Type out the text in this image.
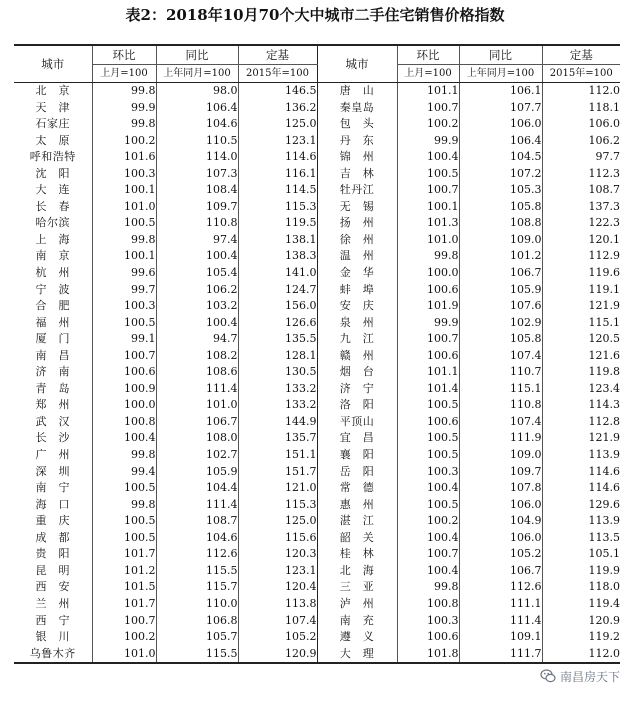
表2：2018年10月70个大中城市二手住宅销售价格指数
城市	环比	同比	定基	城市	环比	同比	定基
	上月=100	上年同月=100	2015年=100		上月=100	上年同月=100	2015年=100
北　京	99.8	98.0	146.5	唐　山	101.1	106.1	112.0
天　津	99.9	106.4	136.2	秦皇岛	100.7	107.7	118.1
石家庄	99.8	104.6	125.0	包　头	100.2	106.0	106.0
太　原	100.2	110.5	123.1	丹　东	99.9	106.4	106.2
呼和浩特	101.6	114.0	114.6	锦　州	100.4	104.5	97.7
沈　阳	100.3	107.3	116.1	吉　林	100.5	107.2	112.3
大　连	100.1	108.4	114.5	牡丹江	100.7	105.3	108.7
长　春	101.0	109.7	115.3	无　锡	100.1	105.8	137.3
哈尔滨	100.5	110.8	119.5	扬　州	101.3	108.8	122.3
上　海	99.8	97.4	138.1	徐　州	101.0	109.0	120.1
南　京	100.1	100.4	138.3	温　州	99.8	101.2	112.9
杭　州	99.6	105.4	141.0	金　华	100.0	106.7	119.6
宁　波	99.7	106.2	124.7	蚌　埠	100.6	105.9	119.1
合　肥	100.3	103.2	156.0	安　庆	101.9	107.6	121.9
福　州	100.5	100.4	126.6	泉　州	99.9	102.9	115.1
厦　门	99.1	94.7	135.5	九　江	100.7	105.8	120.5
南　昌	100.7	108.2	128.1	赣　州	100.6	107.4	121.6
济　南	100.6	108.6	130.5	烟　台	101.1	110.7	119.8
青　岛	100.9	111.4	133.2	济　宁	101.4	115.1	123.4
郑　州	100.0	101.0	133.2	洛　阳	100.5	110.8	114.3
武　汉	100.8	106.7	144.9	平顶山	100.6	107.4	112.8
长　沙	100.4	108.0	135.7	宜　昌	100.5	111.9	121.9
广　州	99.8	102.7	151.1	襄　阳	100.5	109.0	113.9
深　圳	99.4	105.9	151.7	岳　阳	100.3	109.7	114.6
南　宁	100.5	104.4	121.0	常　德	100.4	107.8	114.6
海　口	99.8	111.4	115.3	惠　州	100.5	106.0	129.6
重　庆	100.5	108.7	125.0	湛　江	100.2	104.9	113.9
成　都	100.5	104.6	115.6	韶　关	100.4	106.0	113.5
贵　阳	101.7	112.6	120.3	桂　林	100.7	105.2	105.1
昆　明	101.2	115.5	123.1	北　海	100.4	106.7	119.9
西　安	101.5	115.7	120.4	三　亚	99.8	112.6	118.0
兰　州	101.7	110.0	113.8	泸　州	100.8	111.1	119.4
西　宁	100.7	106.8	107.4	南　充	100.3	111.4	120.9
银　川	100.2	105.7	105.2	遵　义	100.6	109.1	119.2
乌鲁木齐	101.0	115.5	120.9	大　理	101.8	111.7	112.0
南昌房天下
